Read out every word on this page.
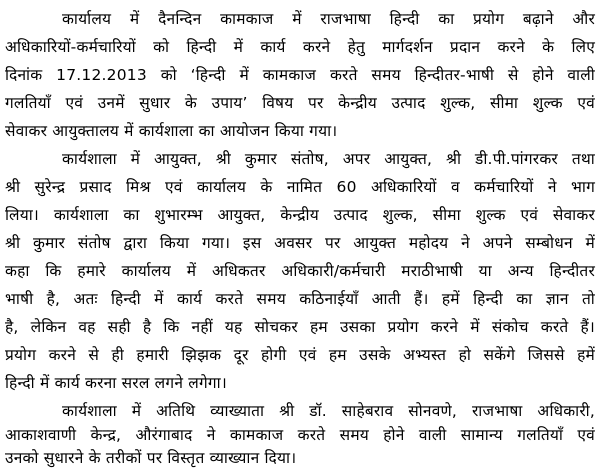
कार्यालय में दैनन्दिन कामकाज में राजभाषा हिन्दी का प्रयोग बढ़ाने और
अधिकारियों-कर्मचारियों को हिन्दी में कार्य करने हेतु मार्गदर्शन प्रदान करने के लिए
दिनांक 17.12.2013 को ‘हिन्दी में कामकाज करते समय हिन्दीतर-भाषी से होने वाली
गलतियाँ एवं उनमें सुधार के उपाय’ विषय पर केन्द्रीय उत्पाद शुल्क, सीमा शुल्क एवं
सेवाकर आयुक्तालय में कार्यशाला का आयोजन किया गया।
कार्यशाला में आयुक्त, श्री कुमार संतोष, अपर आयुक्त, श्री डी.पी.पांगरकर तथा
श्री सुरेन्द्र प्रसाद मिश्र एवं कार्यालय के नामित 60 अधिकारियों व कर्मचारियों ने भाग
लिया। कार्यशाला का शुभारम्भ आयुक्त, केन्द्रीय उत्पाद शुल्क, सीमा शुल्क एवं सेवाकर
श्री कुमार संतोष द्वारा किया गया। इस अवसर पर आयुक्त महोदय ने अपने सम्बोधन में
कहा कि हमारे कार्यालय में अधिकतर अधिकारी/कर्मचारी मराठीभाषी या अन्य हिन्दीतर
भाषी है, अतः हिन्दी में कार्य करते समय कठिनाईयाँ आती हैं। हमें हिन्दी का ज्ञान तो
है, लेकिन वह सही है कि नहीं यह सोचकर हम उसका प्रयोग करने में संकोच करते हैं।
प्रयोग करने से ही हमारी झिझक दूर होगी एवं हम उसके अभ्यस्त हो सकेंगे जिससे हमें
हिन्दी में कार्य करना सरल लगने लगेगा।
कार्यशाला में अतिथि व्याख्याता श्री डॉ. साहेबराव सोनवणे, राजभाषा अधिकारी,
आकाशवाणी केन्द्र, औरंगाबाद ने कामकाज करते समय होने वाली सामान्य गलतियाँ एवं
उनको सुधारने के तरीकों पर विस्तृत व्याख्यान दिया।
